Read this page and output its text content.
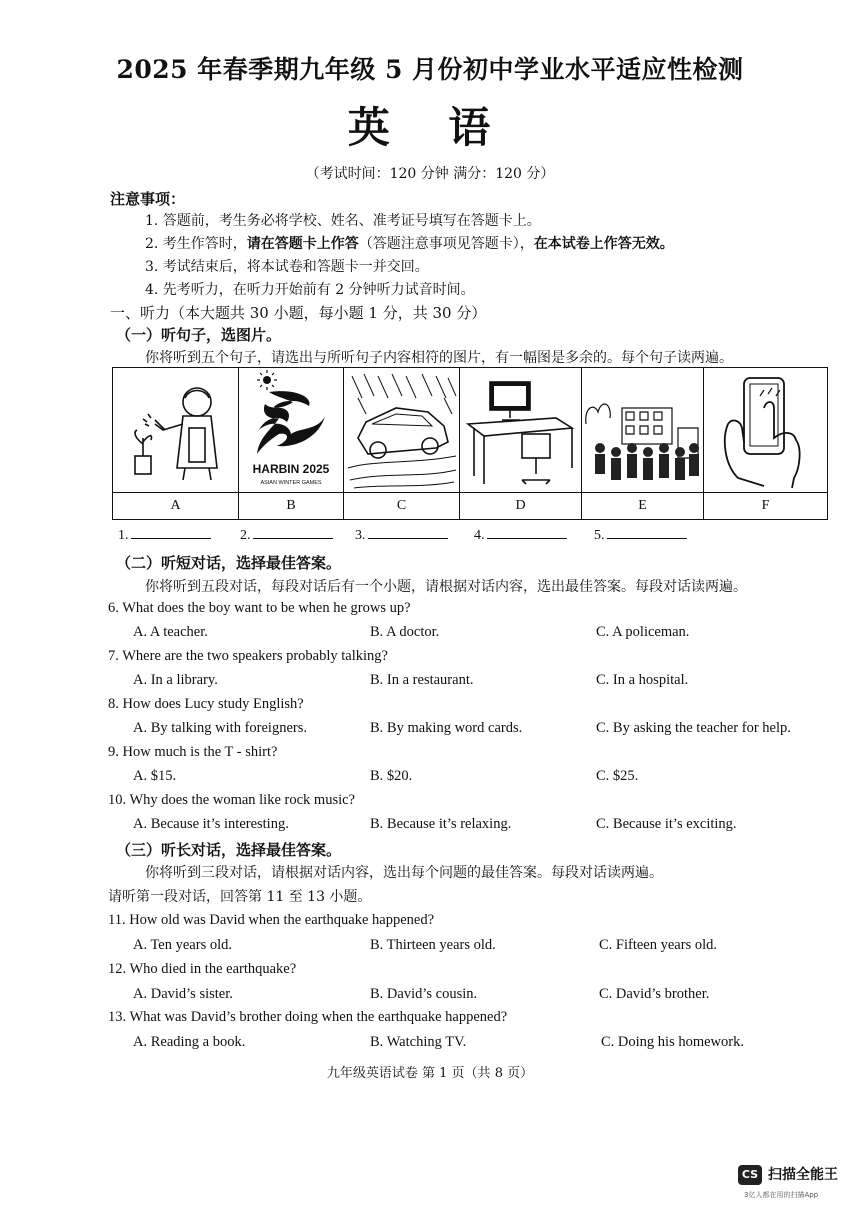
2025 年春季期九年级 5 月份初中学业水平适应性检测
英 语
（考试时间：120 分钟 满分：120 分）
注意事项：
1. 答题前，考生务必将学校、姓名、准考证号填写在答题卡上。
2. 考生作答时，请在答题卡上作答（答题注意事项见答题卡），在本试卷上作答无效。
3. 考试结束后，将本试卷和答题卡一并交回。
4. 先考听力，在听力开始前有 2 分钟听力试音时间。
一、听力（本大题共 30 小题，每小题 1 分，共 30 分）
（一）听句子，选图片。
你将听到五个句子，请选出与所听句子内容相符的图片，有一幅图是多余的。每个句子读两遍。
A
HARBIN 2025
ASIAN WINTER GAMES
B	C	D	E	F
1.	2.	3.	4.	5.
（二）听短对话，选择最佳答案。
你将听到五段对话，每段对话后有一个小题，请根据对话内容，选出最佳答案。每段对话读两遍。
6. What does the boy want to be when he grows up?
A. A teacher.	B. A doctor.	C. A policeman.
7. Where are the two speakers probably talking?
A. In a library.	B. In a restaurant.	C. In a hospital.
8. How does Lucy study English?
A. By talking with foreigners.	B. By making word cards.	C. By asking the teacher for help.
9. How much is the T - shirt?
A. $15.	B. $20.	C. $25.
10. Why does the woman like rock music?
A. Because it’s interesting.	B. Because it’s relaxing.	C. Because it’s exciting.
（三）听长对话，选择最佳答案。
你将听到三段对话，请根据对话内容，选出每个问题的最佳答案。每段对话读两遍。
请听第一段对话，回答第 11 至 13 小题。
11. How old was David when the earthquake happened?
A. Ten years old.	B. Thirteen years old.	C. Fifteen years old.
12. Who died in the earthquake?
A. David’s sister.	B. David’s cousin.	C. David’s brother.
13. What was David’s brother doing when the earthquake happened?
A. Reading a book.	B. Watching TV.	C. Doing his homework.
九年级英语试卷 第 1 页（共 8 页）
CS 扫描全能王
3亿人都在用的扫描App
